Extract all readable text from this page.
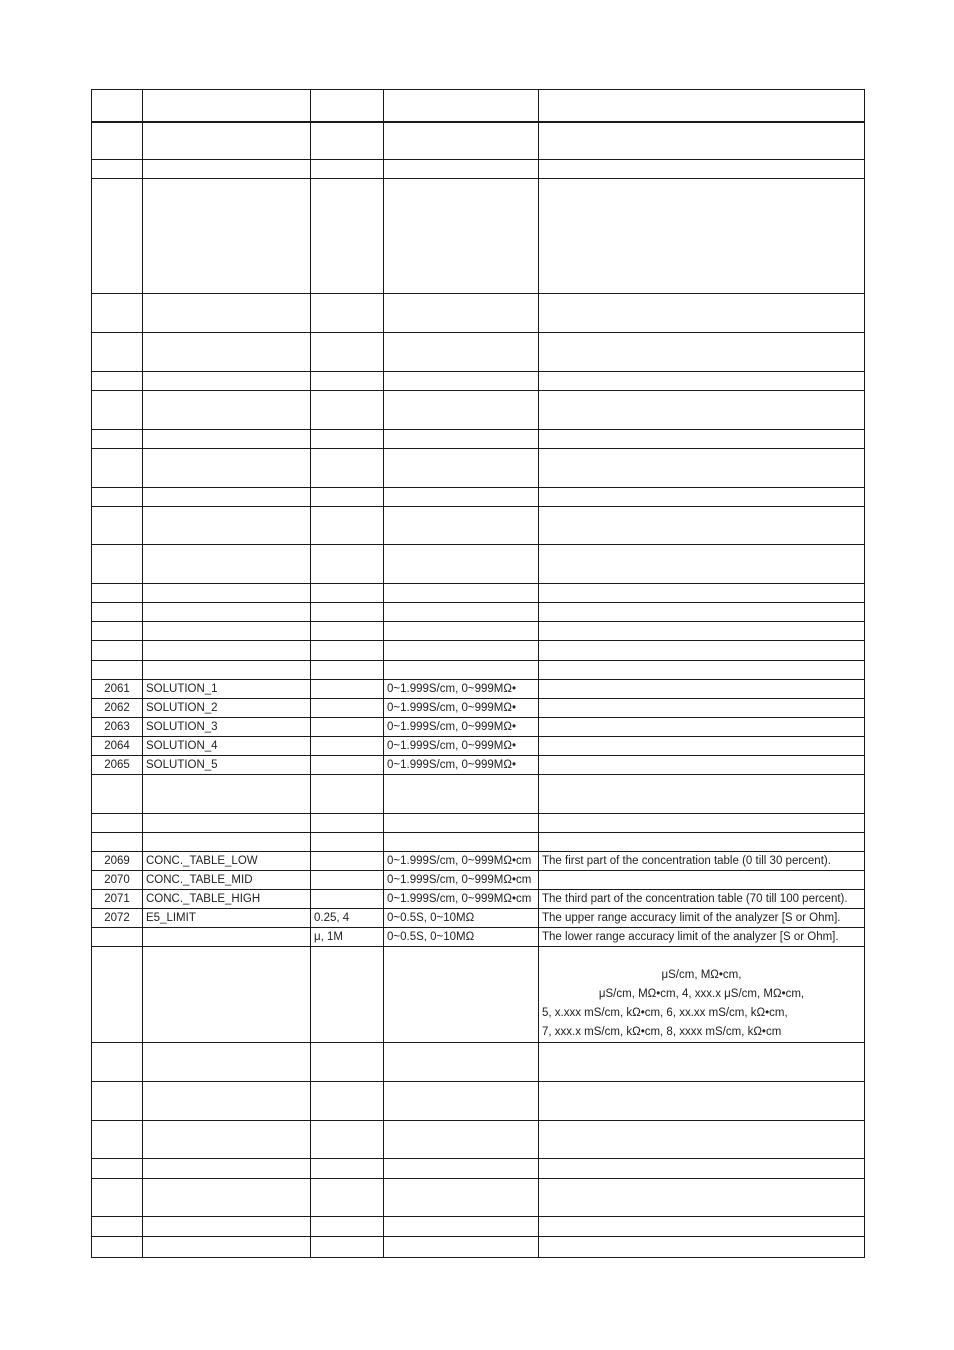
2061	SOLUTION_1		0~1.999S/cm, 0~999MΩ•	
2062	SOLUTION_2		0~1.999S/cm, 0~999MΩ•	
2063	SOLUTION_3		0~1.999S/cm, 0~999MΩ•	
2064	SOLUTION_4		0~1.999S/cm, 0~999MΩ•	
2065	SOLUTION_5		0~1.999S/cm, 0~999MΩ•	

2069	CONC._TABLE_LOW		0~1.999S/cm, 0~999MΩ•cm	The first part of the concentration table (0 till 30 percent).
2070	CONC._TABLE_MID		0~1.999S/cm, 0~999MΩ•cm	
2071	CONC._TABLE_HIGH		0~1.999S/cm, 0~999MΩ•cm	The third part of the concentration table (70 till 100 percent).
2072	E5_LIMIT	0.25, 4	0~0.5S, 0~10MΩ	The upper range accuracy limit of the analyzer [S or Ohm].
		μ, 1M	0~0.5S, 0~10MΩ	The lower range accuracy limit of the analyzer [S or Ohm].

				μS/cm, MΩ•cm,
μS/cm, MΩ•cm, 4, xxx.x μS/cm, MΩ•cm,
5, x.xxx mS/cm, kΩ•cm, 6, xx.xx mS/cm, kΩ•cm,
7, xxx.x mS/cm, kΩ•cm, 8, xxxx mS/cm, kΩ•cm
